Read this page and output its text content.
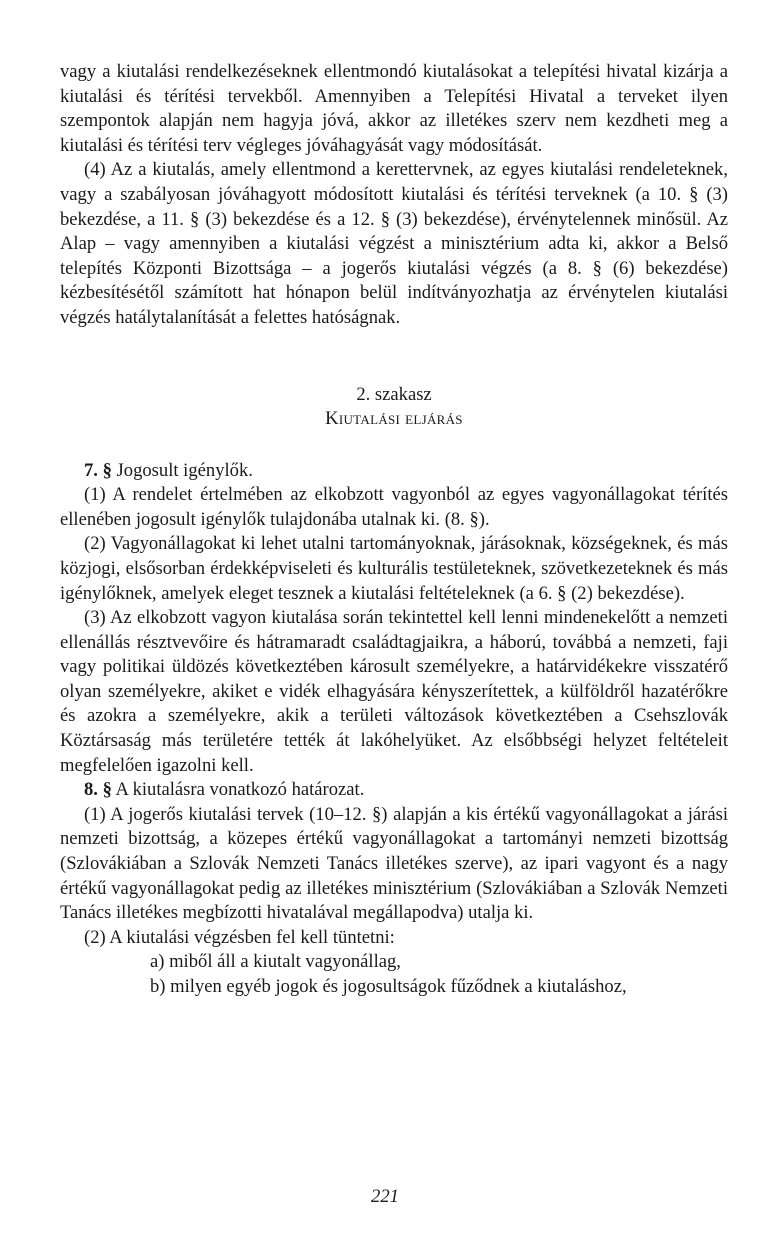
vagy a kiutalási rendelkezéseknek ellentmondó kiutalásokat a telepítési hivatal kizárja a kiutalási és térítési tervekből. Amennyiben a Telepítési Hivatal a terveket ilyen szempontok alapján nem hagyja jóvá, akkor az illetékes szerv nem kezdheti meg a kiutalási és térítési terv végleges jóváhagyását vagy módosítását.

(4) Az a kiutalás, amely ellentmond a kerettervnek, az egyes kiutalási rendeleteknek, vagy a szabályosan jóváhagyott módosított kiutalási és térítési terveknek (a 10. § (3) bekezdése, a 11. § (3) bekezdése és a 12. § (3) bekezdése), érvénytelennek minősül. Az Alap – vagy amennyiben a kiutalási végzést a minisztérium adta ki, akkor a Belső telepítés Központi Bizottsága – a jogerős kiutalási végzés (a 8. § (6) bekezdése) kézbesítésétől számított hat hónapon belül indítványozhatja az érvénytelen kiutalási végzés hatálytalanítását a felettes hatóságnak.

2. szakasz
Kiutalási eljárás

7. § Jogosult igénylők.

(1) A rendelet értelmében az elkobzott vagyonból az egyes vagyonállagokat térítés ellenében jogosult igénylők tulajdonába utalnak ki. (8. §).

(2) Vagyonállagokat ki lehet utalni tartományoknak, járásoknak, községeknek, és más közjogi, elsősorban érdekképviseleti és kulturális testületeknek, szövetkezeteknek és más igénylőknek, amelyek eleget tesznek a kiutalási feltételeknek (a 6. § (2) bekezdése).

(3) Az elkobzott vagyon kiutalása során tekintettel kell lenni mindenekelőtt a nemzeti ellenállás résztvevőire és hátramaradt családtagjaikra, a háború, továbbá a nemzeti, faji vagy politikai üldözés következtében károsult személyekre, a határvidékekre visszatérő olyan személyekre, akiket e vidék elhagyására kényszerítettek, a külföldről hazatérőkre és azokra a személyekre, akik a területi változások következtében a Csehszlovák Köztársaság más területére tették át lakóhelyüket. Az elsőbbségi helyzet feltételeit megfelelően igazolni kell.

8. § A kiutalásra vonatkozó határozat.

(1) A jogerős kiutalási tervek (10–12. §) alapján a kis értékű vagyonállagokat a járási nemzeti bizottság, a közepes értékű vagyonállagokat a tartományi nemzeti bizottság (Szlovákiában a Szlovák Nemzeti Tanács illetékes szerve), az ipari vagyont és a nagy értékű vagyonállagokat pedig az illetékes minisztérium (Szlovákiában a Szlovák Nemzeti Tanács illetékes megbízotti hivatalával megállapodva) utalja ki.

(2) A kiutalási végzésben fel kell tüntetni:

a) miből áll a kiutalt vagyonállag,

b) milyen egyéb jogok és jogosultságok fűződnek a kiutaláshoz,

221
